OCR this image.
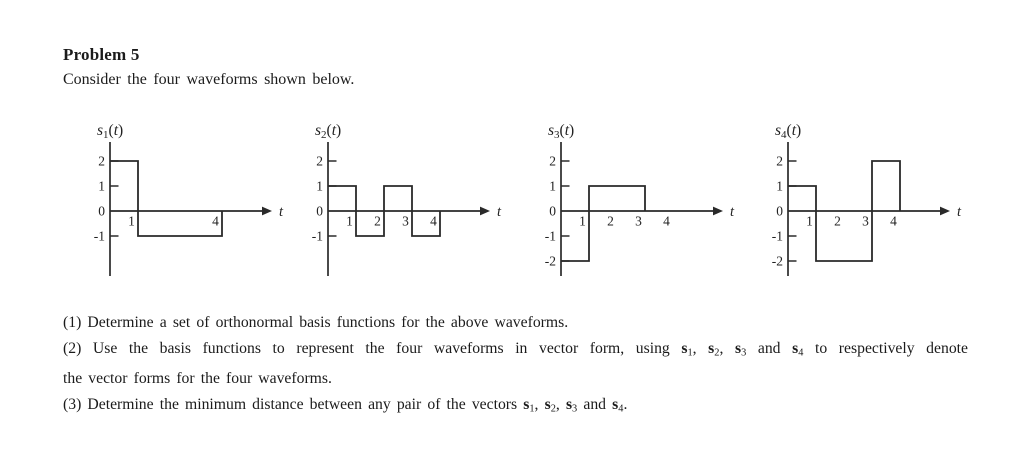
Problem 5
Consider the four waveforms shown below.
t
2
1
0
-1
1	4
s1(t)
t
2
1
0
-1
1 2 3 4
s2(t)
t
2
1
0
-1
-2
1 2 3 4
s3(t)
t
2
1
0
-1
-2
1 2 3 4
s4(t)
(1) Determine a set of orthonormal basis functions for the above waveforms.
(2) Use the basis functions to represent the four waveforms in vector form, using $s_1$, $s_2$, $s_3$ and $s_4$ to respectively denote
the vector forms for the four waveforms.
(3) Determine the minimum distance between any pair of the vectors $s_1$, $s_2$, $s_3$ and $s_4$.
